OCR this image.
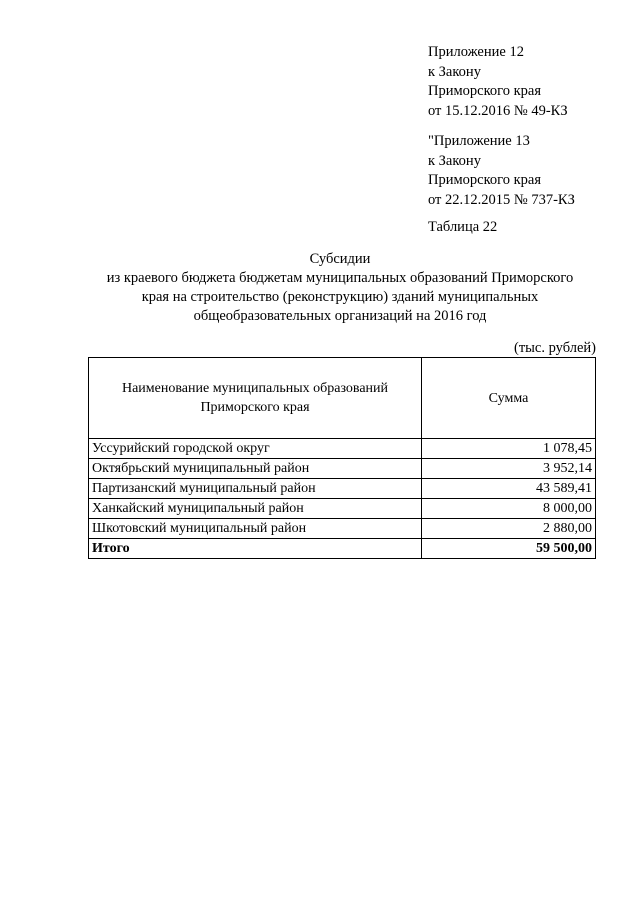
Приложение 12
к Закону
Приморского края
от 15.12.2016 № 49-КЗ
"Приложение 13
к Закону
Приморского края
от 22.12.2015 № 737-КЗ
Таблица 22
Субсидии
из краевого бюджета бюджетам муниципальных образований Приморского
края на строительство (реконструкцию) зданий муниципальных
общеобразовательных организаций на 2016 год
(тыс. рублей)
Наименование муниципальных образований
Приморского края	Сумма
Уссурийский городской округ	1 078,45
Октябрьский муниципальный район	3 952,14
Партизанский муниципальный район	43 589,41
Ханкайский муниципальный район	8 000,00
Шкотовский муниципальный район	2 880,00
Итого	59 500,00
